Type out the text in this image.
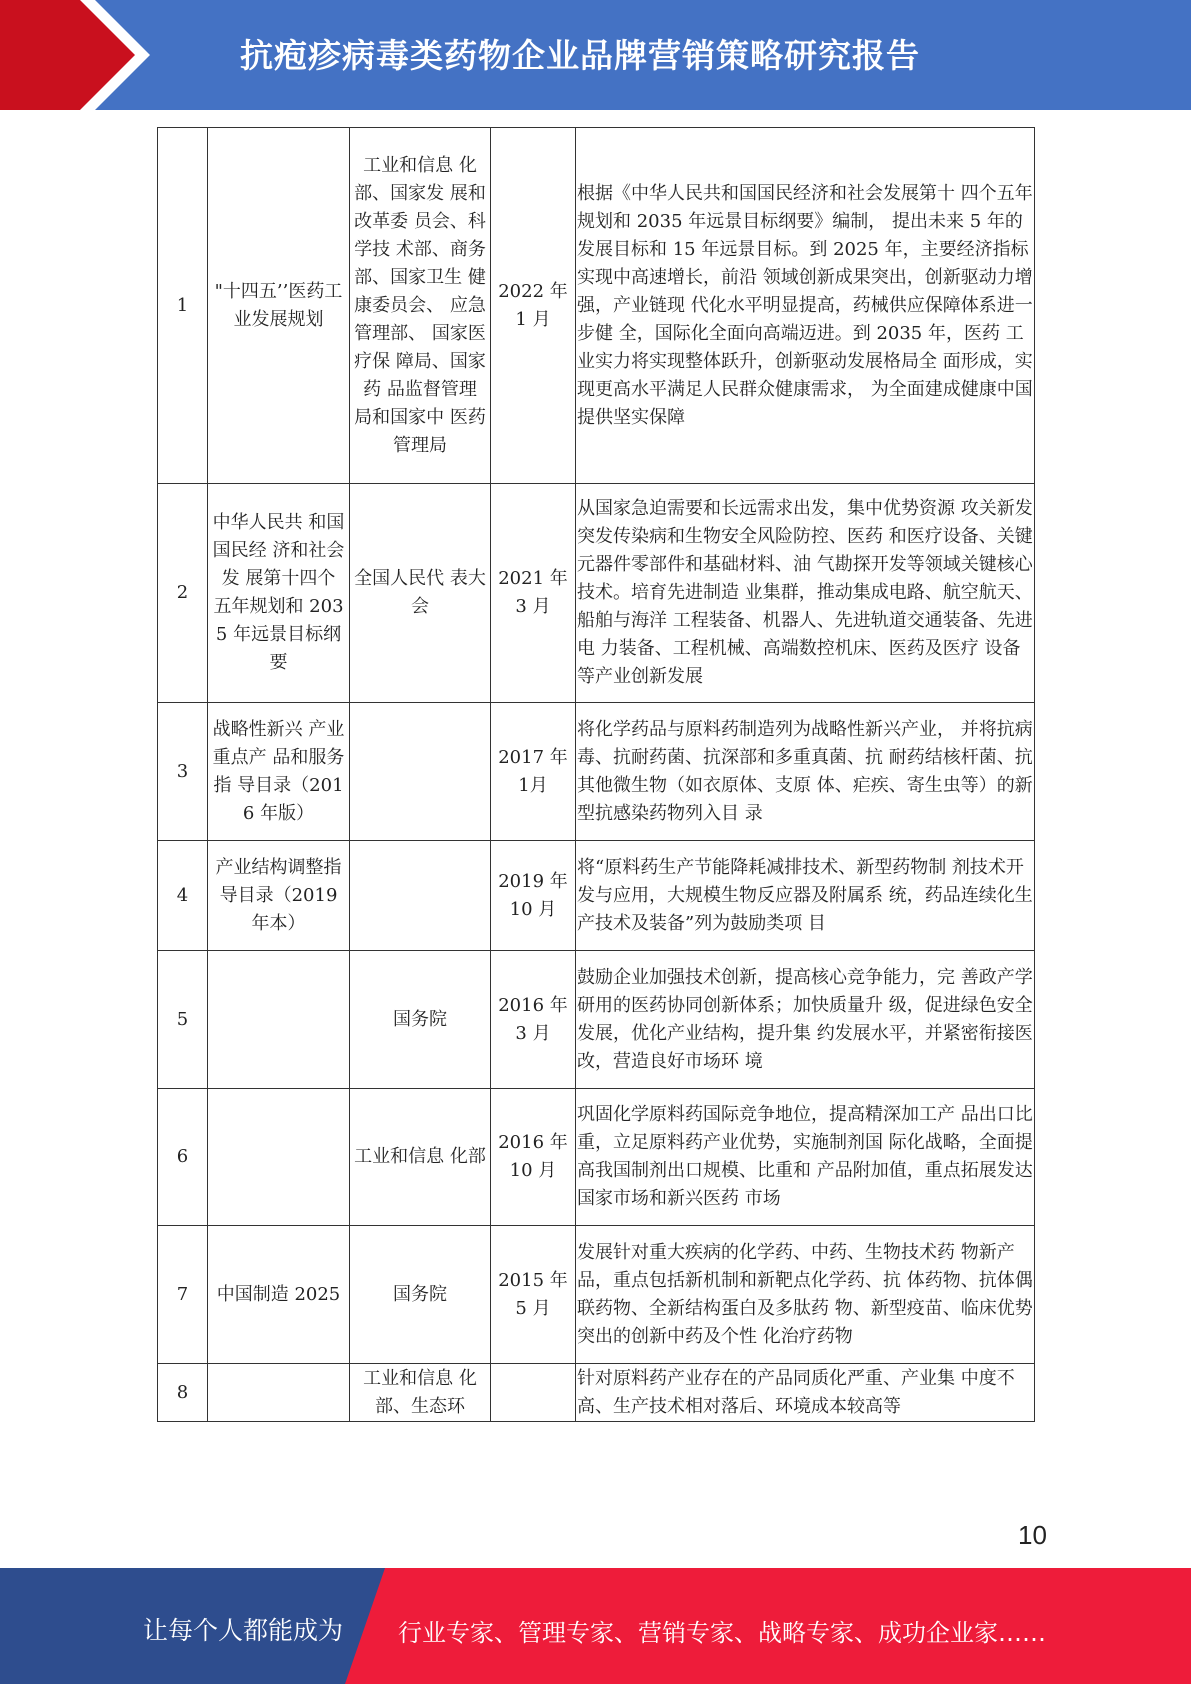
抗疱疹病毒类药物企业品牌营销策略研究报告
1	"十四五’’医药工业发展规划	工业和信息 化部、国家发 展和改革委 员会、科学技 术部、商务 部、国家卫生 健康委员会、 应急管理部、 国家医疗保 障局、国家药 品监督管理 局和国家中 医药管理局	2022 年 1 月	根据《中华人民共和国国民经济和社会发展第十 四个五年规划和 2035 年远景目标纲要》编制， 提出未来 5 年的发展目标和 15 年远景目标。到 2025 年，主要经济指标实现中高速增长，前沿 领域创新成果突出，创新驱动力增强，产业链现 代化水平明显提高，药械供应保障体系进一步健 全，国际化全面向高端迈进。到 2035 年，医药 工业实力将实现整体跃升，创新驱动发展格局全 面形成，实现更高水平满足人民群众健康需求， 为全面建成健康中国提供坚实保障
2	中华人民共 和国国民经 济和社会发 展第十四个 五年规划和 2035 年远景目标纲要	全国人民代 表大会	2021 年 3 月	从国家急迫需要和长远需求出发，集中优势资源 攻关新发突发传染病和生物安全风险防控、医药 和医疗设备、关键元器件零部件和基础材料、油 气勘探开发等领域关键核心技术。培育先进制造 业集群，推动集成电路、航空航天、船舶与海洋 工程装备、机器人、先进轨道交通装备、先进电 力装备、工程机械、高端数控机床、医药及医疗 设备等产业创新发展
3	战略性新兴 产业重点产 品和服务指 导目录（2016 年版）		2017 年 1月	将化学药品与原料药制造列为战略性新兴产业， 并将抗病毒、抗耐药菌、抗深部和多重真菌、抗 耐药结核杆菌、抗其他微生物（如衣原体、支原 体、疟疾、寄生虫等）的新型抗感染药物列入目 录
4	产业结构调整指导目录（2019 年本）		2019 年 10 月	将“原料药生产节能降耗减排技术、新型药物制 剂技术开发与应用，大规模生物反应器及附属系 统，药品连续化生产技术及装备”列为鼓励类项 目
5		国务院	2016 年 3 月	鼓励企业加强技术创新，提高核心竞争能力，完 善政产学研用的医药协同创新体系；加快质量升 级，促进绿色安全发展，优化产业结构，提升集 约发展水平，并紧密衔接医改，营造良好市场环 境
6		工业和信息 化部	2016 年 10 月	巩固化学原料药国际竞争地位，提高精深加工产 品出口比重，立足原料药产业优势，实施制剂国 际化战略，全面提高我国制剂出口规模、比重和 产品附加值，重点拓展发达国家市场和新兴医药 市场
7	中国制造 2025	国务院	2015 年 5 月	发展针对重大疾病的化学药、中药、生物技术药 物新产品，重点包括新机制和新靶点化学药、抗 体药物、抗体偶联药物、全新结构蛋白及多肽药 物、新型疫苗、临床优势突出的创新中药及个性 化治疗药物
8		工业和信息 化部、生态环		针对原料药产业存在的产品同质化严重、产业集 中度不高、生产技术相对落后、环境成本较高等
10
让每个人都能成为 行业专家、管理专家、营销专家、战略专家、成功企业家……
